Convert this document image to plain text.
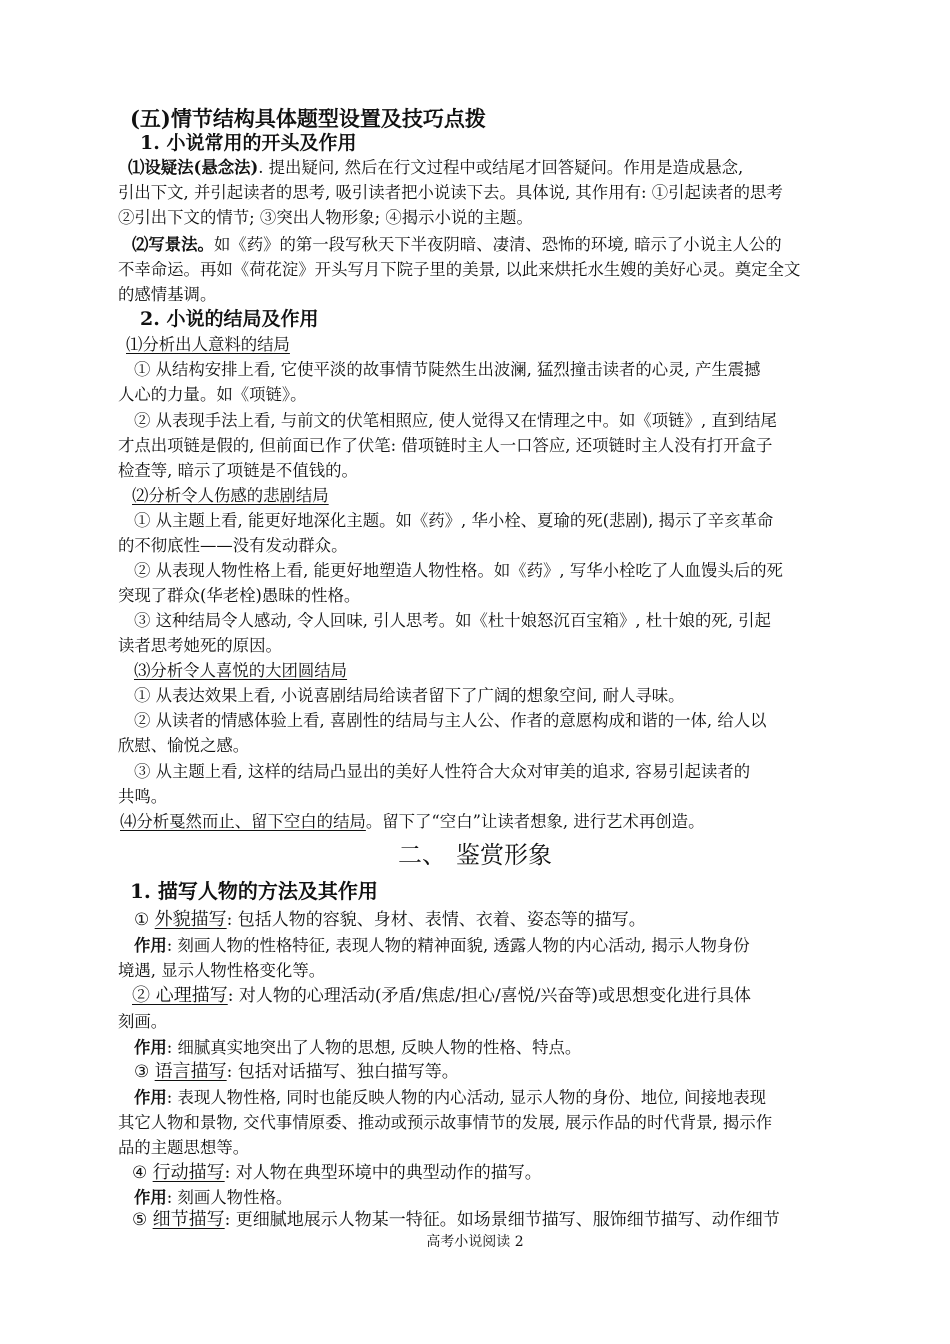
(五)情节结构具体题型设置及技巧点拨
1. 小说常用的开头及作用
⑴设疑法(悬念法). 提出疑问, 然后在行文过程中或结尾才回答疑问。作用是造成悬念,
引出下文, 并引起读者的思考, 吸引读者把小说读下去。具体说, 其作用有: ①引起读者的思考
②引出下文的情节; ③突出人物形象; ④揭示小说的主题。
⑵写景法。如《药》的第一段写秋天下半夜阴暗、凄清、恐怖的环境, 暗示了小说主人公的
不幸命运。再如《荷花淀》开头写月下院子里的美景, 以此来烘托水生嫂的美好心灵。奠定全文
的感情基调。
2. 小说的结局及作用
⑴分析出人意料的结局
① 从结构安排上看, 它使平淡的故事情节陡然生出波澜, 猛烈撞击读者的心灵, 产生震撼
人心的力量。如《项链》。
② 从表现手法上看, 与前文的伏笔相照应, 使人觉得又在情理之中。如《项链》, 直到结尾
才点出项链是假的, 但前面已作了伏笔: 借项链时主人一口答应, 还项链时主人没有打开盒子
检查等, 暗示了项链是不值钱的。
⑵分析令人伤感的悲剧结局
① 从主题上看, 能更好地深化主题。如《药》, 华小栓、夏瑜的死(悲剧), 揭示了辛亥革命
的不彻底性——没有发动群众。
② 从表现人物性格上看, 能更好地塑造人物性格。如《药》, 写华小栓吃了人血馒头后的死
突现了群众(华老栓)愚昧的性格。
③ 这种结局令人感动, 令人回味, 引人思考。如《杜十娘怒沉百宝箱》, 杜十娘的死, 引起
读者思考她死的原因。
⑶分析令人喜悦的大团圆结局
① 从表达效果上看, 小说喜剧结局给读者留下了广阔的想象空间, 耐人寻味。
② 从读者的情感体验上看, 喜剧性的结局与主人公、作者的意愿构成和谐的一体, 给人以
欣慰、愉悦之感。
③ 从主题上看, 这样的结局凸显出的美好人性符合大众对审美的追求, 容易引起读者的
共鸣。
⑷分析戛然而止、留下空白的结局。留下了“空白”让读者想象, 进行艺术再创造。
二、 鉴赏形象
1. 描写人物的方法及其作用
① 外貌描写: 包括人物的容貌、身材、表情、衣着、姿态等的描写。
作用: 刻画人物的性格特征, 表现人物的精神面貌, 透露人物的内心活动, 揭示人物身份
境遇, 显示人物性格变化等。
② 心理描写: 对人物的心理活动(矛盾/焦虑/担心/喜悦/兴奋等)或思想变化进行具体
刻画。
作用: 细腻真实地突出了人物的思想, 反映人物的性格、特点。
③ 语言描写: 包括对话描写、独白描写等。
作用: 表现人物性格, 同时也能反映人物的内心活动, 显示人物的身份、地位, 间接地表现
其它人物和景物, 交代事情原委、推动或预示故事情节的发展, 展示作品的时代背景, 揭示作
品的主题思想等。
④ 行动描写: 对人物在典型环境中的典型动作的描写。
作用: 刻画人物性格。
⑤ 细节描写: 更细腻地展示人物某一特征。如场景细节描写、服饰细节描写、动作细节
高考小说阅读 2
